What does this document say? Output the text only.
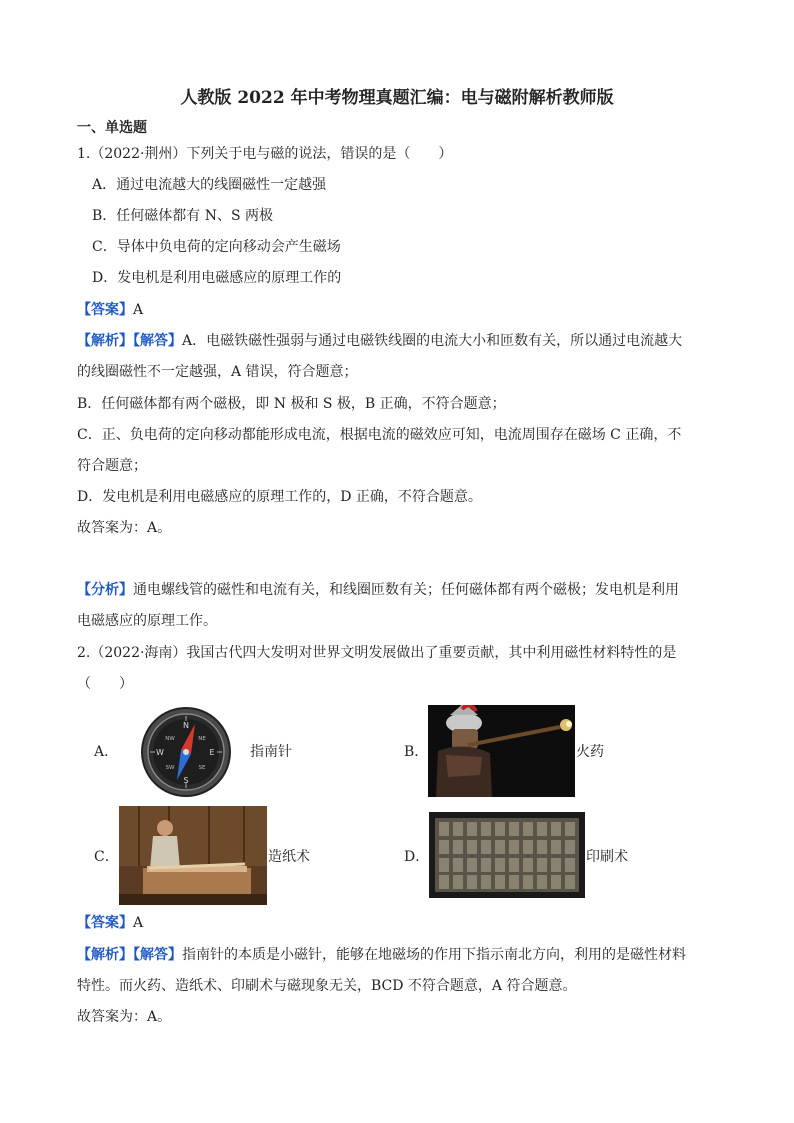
人教版 2022 年中考物理真题汇编：电与磁附解析教师版
一、单选题
1.（2022·荆州）下列关于电与磁的说法，错误的是（　　）
A．通过电流越大的线圈磁性一定越强
B．任何磁体都有 N、S 两极
C．导体中负电荷的定向移动会产生磁场
D．发电机是利用电磁感应的原理工作的
【答案】A
【解析】【解答】A．电磁铁磁性强弱与通过电磁铁线圈的电流大小和匝数有关，所以通过电流越大
的线圈磁性不一定越强，A 错误，符合题意；
B．任何磁体都有两个磁极，即 N 极和 S 极，B 正确，不符合题意；
C．正、负电荷的定向移动都能形成电流，根据电流的磁效应可知，电流周围存在磁场 C 正确，不
符合题意；
D．发电机是利用电磁感应的原理工作的，D 正确，不符合题意。
故答案为：A。
【分析】通电螺线管的磁性和电流有关，和线圈匝数有关；任何磁体都有两个磁极；发电机是利用
电磁感应的原理工作。
2.（2022·海南）我国古代四大发明对世界文明发展做出了重要贡献，其中利用磁性材料特性的是
（　　）
A．
N
S
E
W
NW	NE
SW	SE
指南针	B．	火药
C．	造纸术	D．	印刷术
【答案】A
【解析】【解答】指南针的本质是小磁针，能够在地磁场的作用下指示南北方向，利用的是磁性材料
特性。而火药、造纸术、印刷术与磁现象无关，BCD 不符合题意，A 符合题意。
故答案为：A。
